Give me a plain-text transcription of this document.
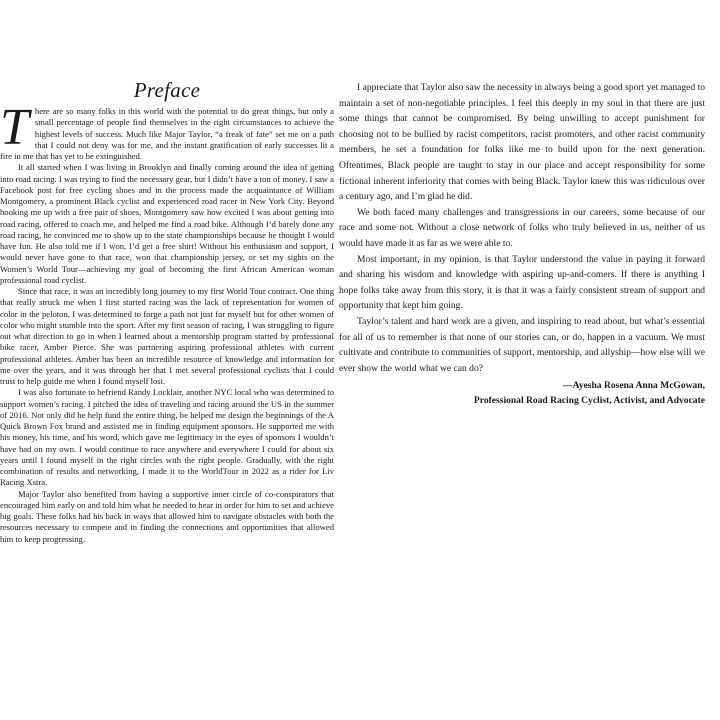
Preface

There are so many folks in this world with the potential to do great things, but only a small percentage of people find themselves in the right circumstances to achieve the highest levels of success. Much like Major Taylor, “a freak of fate” set me on a path that I could not deny was for me, and the instant gratification of early successes lit a fire in me that has yet to be extinguished.

It all started when I was living in Brooklyn and finally coming around the idea of getting into road racing. I was trying to find the necessary gear, but I didn’t have a ton of money. I saw a Facebook post for free cycling shoes and in the process made the acquaintance of William Montgomery, a prominent Black cyclist and experienced road racer in New York City. Beyond hooking me up with a free pair of shoes, Montgomery saw how excited I was about getting into road racing, offered to coach me, and helped me find a road bike. Although I’d barely done any road racing, he convinced me to show up to the state championships because he thought I would have fun. He also told me if I won, I’d get a free shirt! Without his enthusiasm and support, I would never have gone to that race, won that championship jersey, or set my sights on the Women’s World Tour—achieving my goal of becoming the first African American woman professional road cyclist.

Since that race, it was an incredibly long journey to my first World Tour contract. One thing that really struck me when I first started racing was the lack of representation for women of color in the peloton. I was determined to forge a path not just for myself but for other women of color who might stumble into the sport. After my first season of racing, I was struggling to figure out what direction to go in when I learned about a mentorship program started by professional bike racer, Amber Pierce. She was partnering aspiring professional athletes with current professional athletes. Amber has been an incredible resource of knowledge and information for me over the years, and it was through her that I met several professional cyclists that I could trust to help guide me when I found myself lost.

I was also fortunate to befriend Randy Locklair, another NYC local who was determined to support women’s racing. I pitched the idea of traveling and racing around the US in the summer of 2016. Not only did he help fund the entire thing, he helped me design the beginnings of the A Quick Brown Fox brand and assisted me in finding equipment sponsors. He supported me with his money, his time, and his word, which gave me legitimacy in the eyes of sponsors I wouldn’t have had on my own. I would continue to race anywhere and everywhere I could for about six years until I found myself in the right circles with the right people. Gradually, with the right combination of results and networking, I made it to the WorldTour in 2022 as a rider for Liv Racing Xstra.

Major Taylor also benefited from having a supportive inner circle of co-conspirators that encouraged him early on and told him what he needed to hear in order for him to set and achieve big goals. These folks had his back in ways that allowed him to navigate obstacles with both the resources necessary to compete and in finding the connections and opportunities that allowed him to keep progressing.

I appreciate that Taylor also saw the necessity in always being a good sport yet managed to maintain a set of non-negotiable principles. I feel this deeply in my soul in that there are just some things that cannot be compromised. By being unwilling to accept punishment for choosing not to be bullied by racist competitors, racist promoters, and other racist community members, he set a foundation for folks like me to build upon for the next generation. Oftentimes, Black people are taught to stay in our place and accept responsibility for some fictional inherent inferiority that comes with being Black. Taylor knew this was ridiculous over a century ago, and I’m glad he did.

We both faced many challenges and transgressions in our careers, some because of our race and some not. Without a close network of folks who truly believed in us, neither of us would have made it as far as we were able to.

Most important, in my opinion, is that Taylor understood the value in paying it forward and sharing his wisdom and knowledge with aspiring up-and-comers. If there is anything I hope folks take away from this story, it is that it was a fairly consistent stream of support and opportunity that kept him going.

Taylor’s talent and hard work are a given, and inspiring to read about, but what’s essential for all of us to remember is that none of our stories can, or do, happen in a vacuum. We must cultivate and contribute to communities of support, mentorship, and allyship—how else will we ever show the world what we can do?

—Ayesha Rosena Anna McGowan,
Professional Road Racing Cyclist, Activist, and Advocate
